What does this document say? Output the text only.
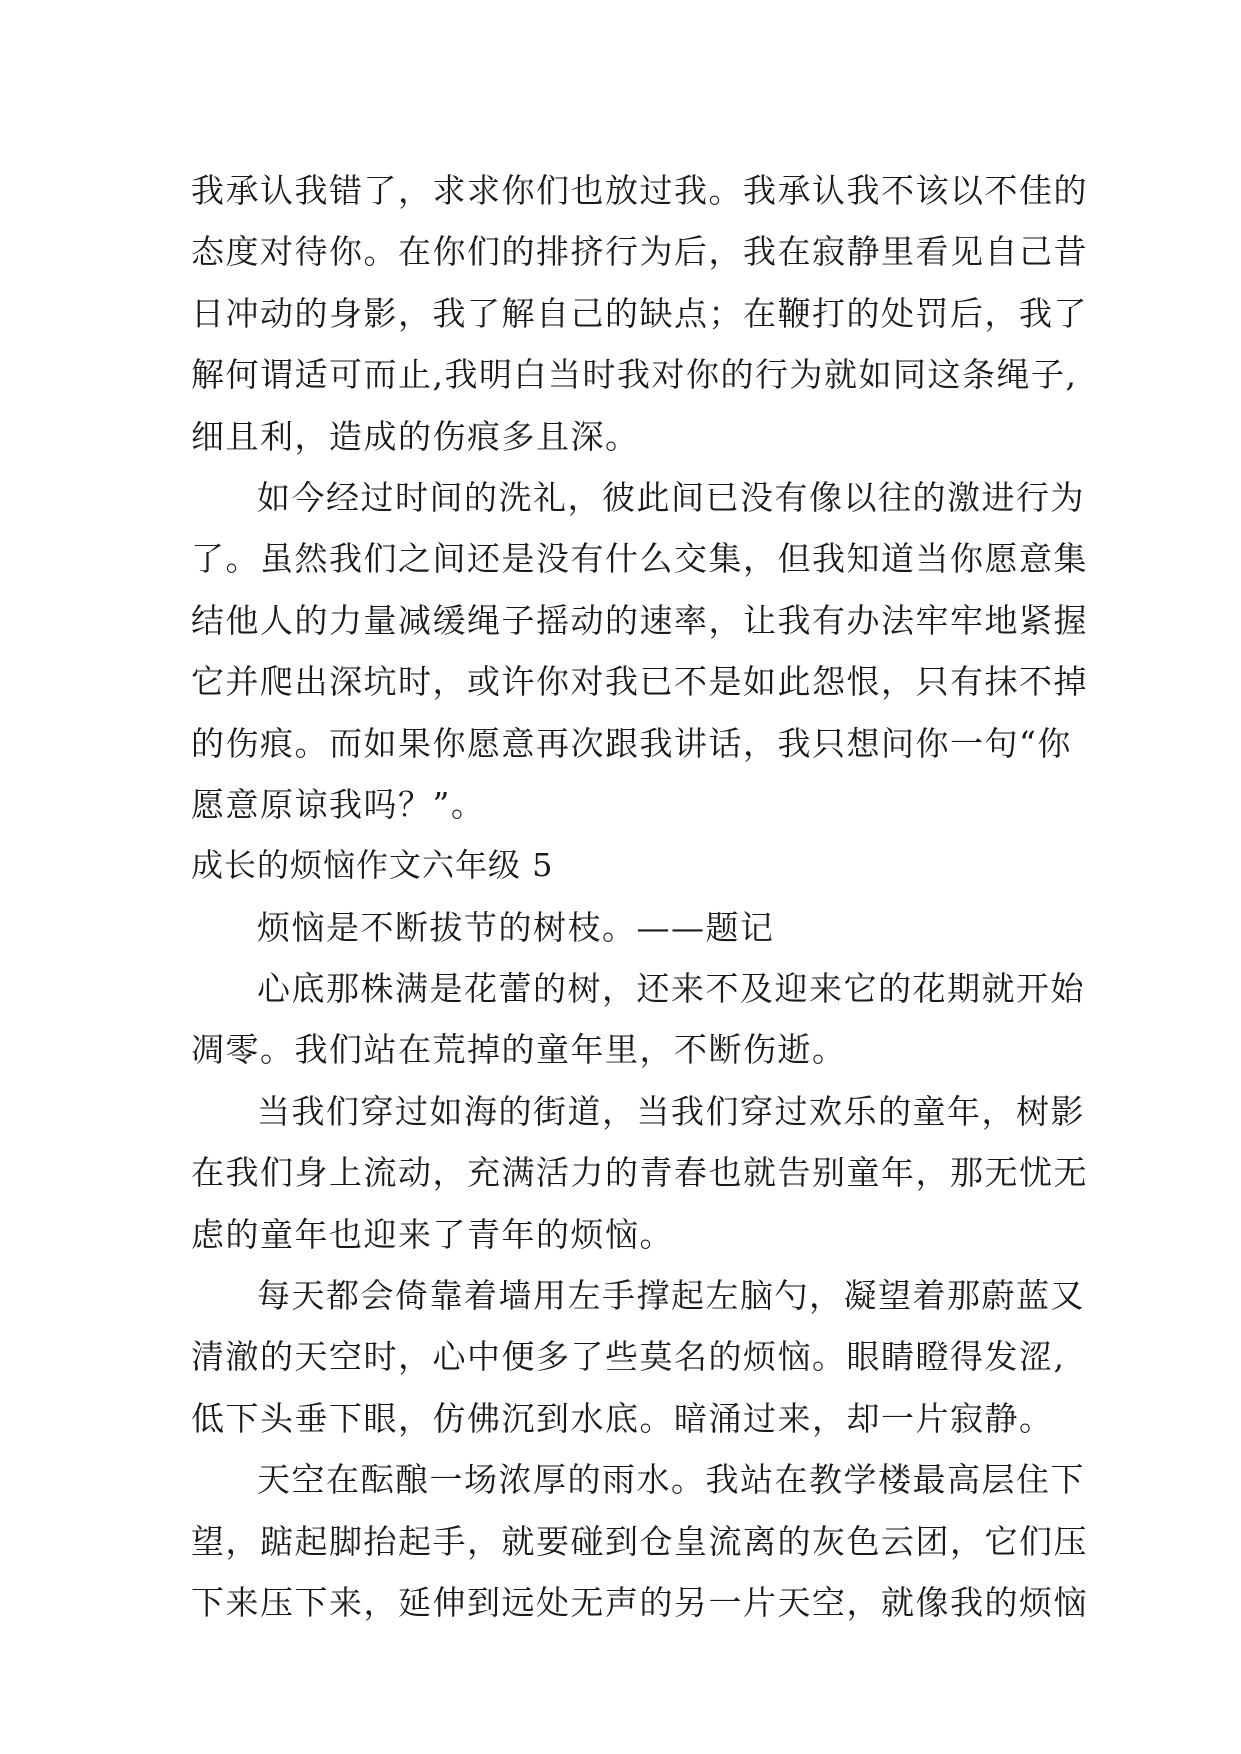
我承认我错了，求求你们也放过我。我承认我不该以不佳的
态度对待你。在你们的排挤行为后，我在寂静里看见自己昔
日冲动的身影，我了解自己的缺点；在鞭打的处罚后，我了
解何谓适可而止,我明白当时我对你的行为就如同这条绳子,
细且利，造成的伤痕多且深。
如今经过时间的洗礼，彼此间已没有像以往的激进行为
了。虽然我们之间还是没有什么交集，但我知道当你愿意集
结他人的力量减缓绳子摇动的速率，让我有办法牢牢地紧握
它并爬出深坑时，或许你对我已不是如此怨恨，只有抹不掉
的伤痕。而如果你愿意再次跟我讲话，我只想问你一句“你
愿意原谅我吗？”。
成长的烦恼作文六年级 5
烦恼是不断拔节的树枝。——题记
心底那株满是花蕾的树，还来不及迎来它的花期就开始
凋零。我们站在荒掉的童年里，不断伤逝。
当我们穿过如海的街道，当我们穿过欢乐的童年，树影
在我们身上流动，充满活力的青春也就告别童年，那无忧无
虑的童年也迎来了青年的烦恼。
每天都会倚靠着墙用左手撑起左脑勺，凝望着那蔚蓝又
清澈的天空时，心中便多了些莫名的烦恼。眼睛瞪得发涩,
低下头垂下眼，仿佛沉到水底。暗涌过来，却一片寂静。
天空在酝酿一场浓厚的雨水。我站在教学楼最高层住下
望，踮起脚抬起手，就要碰到仓皇流离的灰色云团，它们压
下来压下来，延伸到远处无声的另一片天空，就像我的烦恼
